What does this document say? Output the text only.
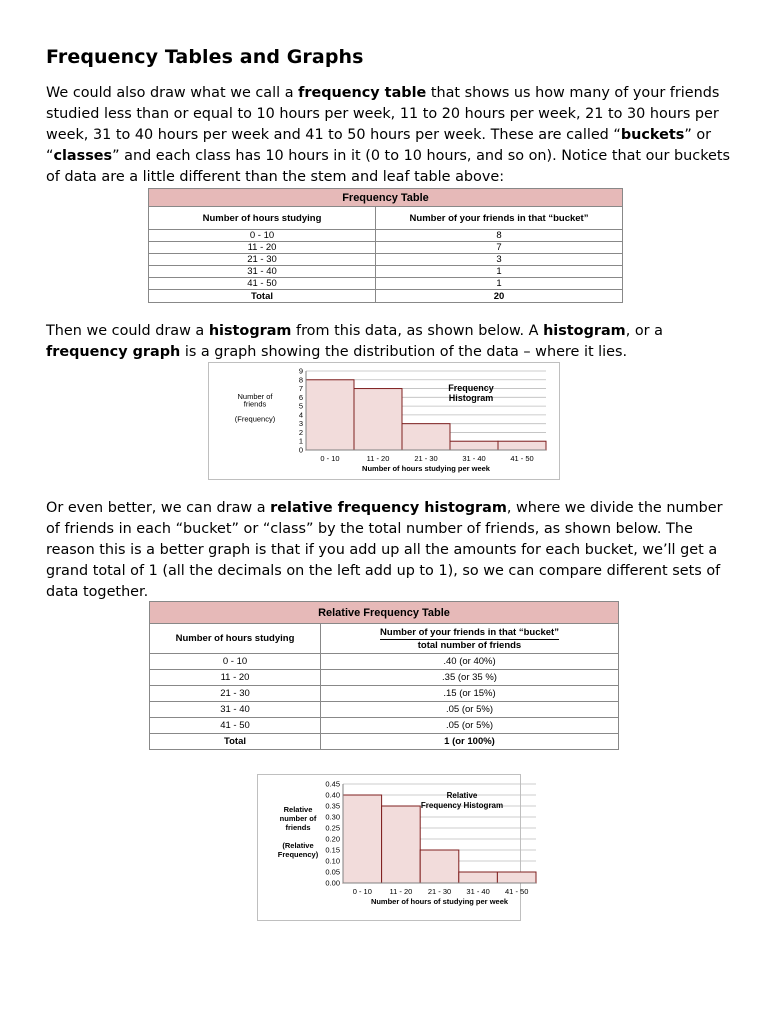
Frequency Tables and Graphs

We could also draw what we call a frequency table that shows us how many of your friends studied less than or equal to 10 hours per week, 11 to 20 hours per week, 21 to 30 hours per week, 31 to 40 hours per week and 41 to 50 hours per week. These are called “buckets” or “classes” and each class has 10 hours in it (0 to 10 hours, and so on). Notice that our buckets of data are a little different than the stem and leaf table above:

Frequency Table	
Number of hours studying	Number of your friends in that “bucket”
0 - 10	8
11 - 20	7
21 - 30	3
31 - 40	1
41 - 50	1
Total	20

Then we could draw a histogram from this data, as shown below. A histogram, or a frequency graph is a graph showing the distribution of the data – where it lies.

0
1
2
3
4
5
6
7
8
9
0 - 10	11 - 20	21 - 30	31 - 40	41 - 50
Number of hours studying per week
Number of
friends
(Frequency)
Frequency
Histogram

Or even better, we can draw a relative frequency histogram, where we divide the number of friends in each “bucket” or “class” by the total number of friends, as shown below. The reason this is a better graph is that if you add up all the amounts for each bucket, we’ll get a grand total of 1 (all the decimals on the left add up to 1), so we can compare different sets of data together.

Relative Frequency Table	
Number of hours studying	Number of your friends in that “bucket”
total number of friends
0 - 10	.40 (or 40%)
11 - 20	.35 (or 35 %)
21 - 30	.15 (or 15%)
31 - 40	.05 (or 5%)
41 - 50	.05 (or 5%)
Total	1 (or 100%)
0.00
0.05
0.10
0.15
0.20
0.25
0.30
0.35
0.40
0.45
0 - 10 11 - 20 21 - 30 31 - 40 41 - 50
Number of hours of studying per week
Relative
number of
friends
(Relative
Frequency)
Relative
Frequency Histogram
